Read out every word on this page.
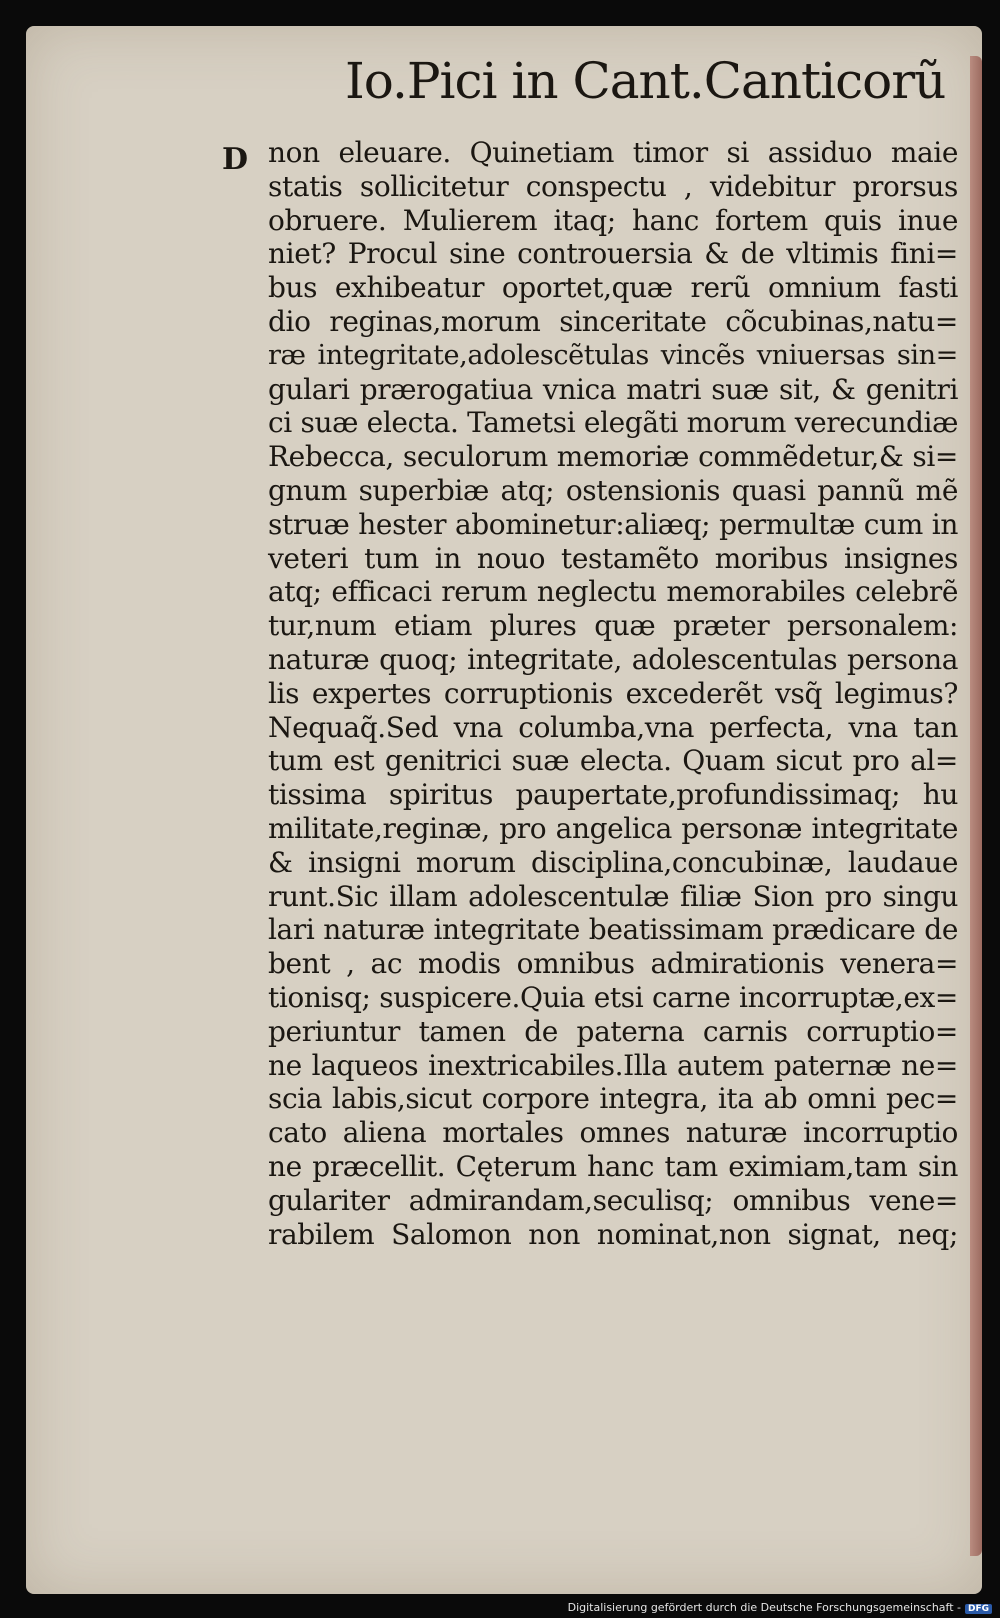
Io.Pici in Cant.Canticorũ
D non eleuare. Quinetiam timor si assiduo maie
statis sollicitetur conspectu , videbitur prorsus
obruere. Mulierem itaq; hanc fortem quis inue
niet? Procul sine controuersia & de vltimis fini=
bus exhibeatur oportet,quæ rerũ omnium fasti
dio reginas,morum sinceritate cõcubinas,natu=
ræ integritate,adolescẽtulas vincẽs vniuersas sin=
gulari prærogatiua vnica matri suæ sit, & genitri
ci suæ electa. Tametsi elegãti morum verecundiæ
Rebecca, seculorum memoriæ commẽdetur,& si=
gnum superbiæ atq; ostensionis quasi pannũ mẽ
struæ hester abominetur:aliæq; permultæ cum in
veteri tum in nouo testamẽto moribus insignes
atq; efficaci rerum neglectu memorabiles celebrẽ
tur,num etiam plures quæ præter personalem:
naturæ quoq; integritate, adolescentulas persona
lis expertes corruptionis excederẽt vsq̃ legimus?
Nequaq̃.Sed vna columba,vna perfecta, vna tan
tum est genitrici suæ electa. Quam sicut pro al=
tissima spiritus paupertate,profundissimaq; hu
militate,reginæ, pro angelica personæ integritate
& insigni morum disciplina,concubinæ, laudaue
runt.Sic illam adolescentulæ filiæ Sion pro singu
lari naturæ integritate beatissimam prædicare de
bent , ac modis omnibus admirationis venera=
tionisq; suspicere.Quia etsi carne incorruptæ,ex=
periuntur tamen de paterna carnis corruptio=
ne laqueos inextricabiles.Illa autem paternæ ne=
scia labis,sicut corpore integra, ita ab omni pec=
cato aliena mortales omnes naturæ incorruptio
ne præcellit. Cęterum hanc tam eximiam,tam sin
gulariter admirandam,seculisq; omnibus vene=
rabilem Salomon non nominat,non signat, neq;
Digitalisierung gefördert durch die Deutsche Forschungsgemeinschaft - DFG
